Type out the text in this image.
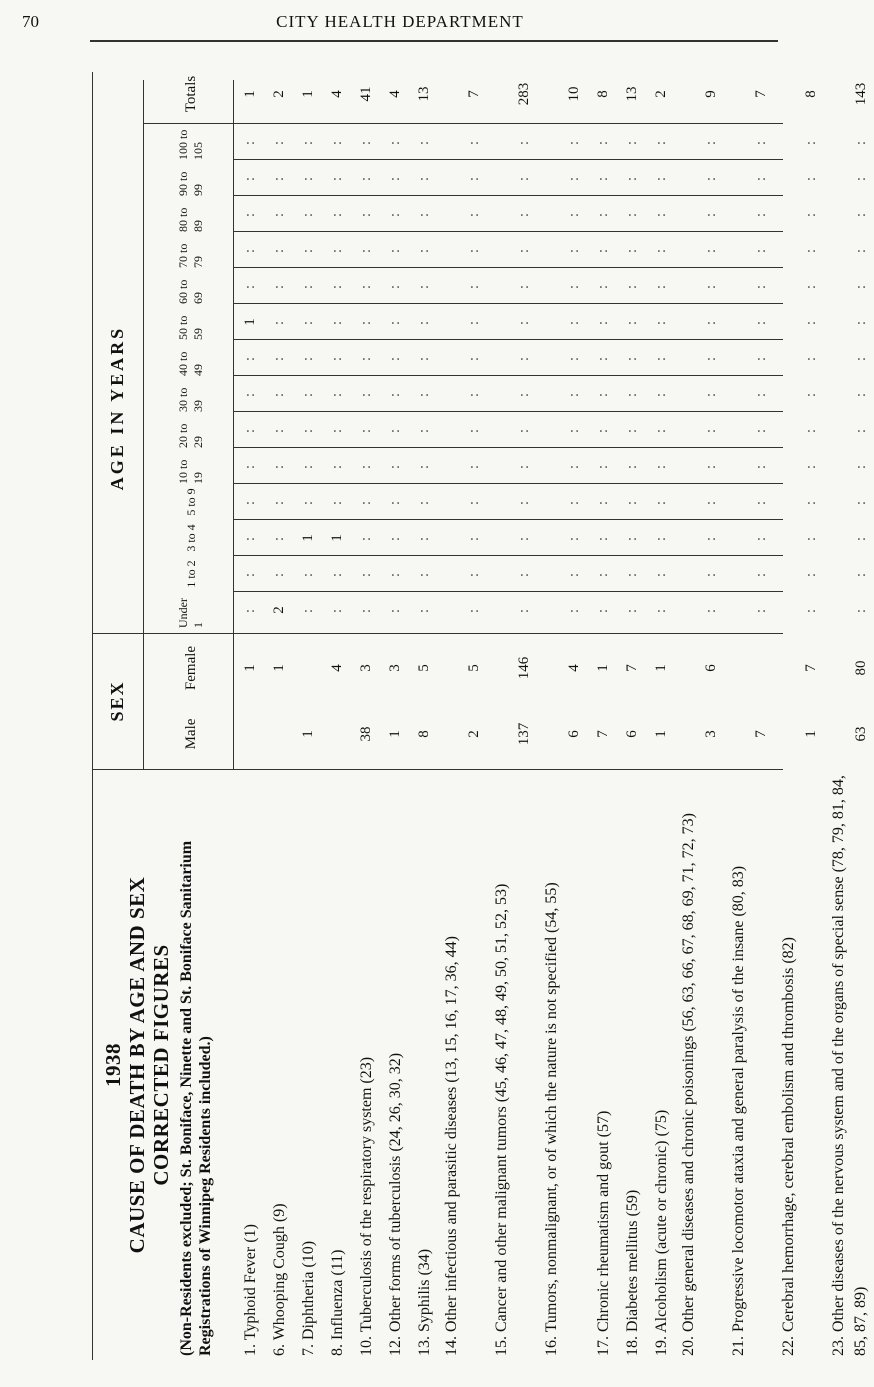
70	CITY HEALTH DEPARTMENT
1938 CAUSE OF DEATH BY AGE AND SEX CORRECTED FIGURES (Non-Residents excluded; St. Boniface, Ninette and St. Boniface Sanitarium Registrations of Winnipeg Residents included.)
SEX
AGE IN YEARS
1. Typhoid Fever (1)
1
:
:
:
:
:
:
:
:
1
:
:
:
:
:
1
6. Whooping Cough (9)
1
2
:
:
:
:
:
:
:
:
:
:
:
:
:
2
7. Diphtheria (10)
1
:
:
1
:
:
:
:
:
:
:
:
:
:
:
1
8. Influenza (11)
4
:
:
1
:
:
:
:
:
:
:
:
:
:
:
4
10. Tuberculosis of the respiratory system (23)
38
3
:
:
:
:
:
:
:
:
:
:
:
:
:
:
41
12. Other forms of tuberculosis (24, 26, 30, 32)
1
3
:
:
:
:
:
:
:
:
:
:
:
:
:
:
4
13. Syphilis (34)
8
5
:
:
:
:
:
:
:
:
:
:
:
:
:
:
13
14. Other infectious and parasitic diseases (13, 15, 16, 17, 36, 44)
2
5
:
:
:
:
:
:
:
:
:
:
:
:
:
:
7
15. Cancer and other malignant tumors (45, 46, 47, 48, 49, 50, 51, 52, 53)
137
146
:
:
:
:
:
:
:
:
:
:
:
:
:
:
283
16. Tumors, nonmalignant, or of which the nature is not specified (54, 55)
6
4
:
:
:
:
:
:
:
:
:
:
:
:
:
:
10
17. Chronic rheumatism and gout (57)
7
1
:
:
:
:
:
:
:
:
:
:
:
:
:
:
8
18. Diabetes mellitus (59)
6
7
:
:
:
:
:
:
:
:
:
:
:
:
:
:
13
19. Alcoholism (acute or chronic) (75)
1
1
:
:
:
:
:
:
:
:
:
:
:
:
:
:
2
20. Other general diseases and chronic poisonings (56, 63, 66, 67, 68, 69, 71, 72, 73)
3
6
:
:
:
:
:
:
:
:
:
:
:
:
:
:
9
21. Progressive locomotor ataxia and general paralysis of the insane (80, 83)
7
:
:
:
:
:
:
:
:
:
:
:
:
:
:
7
22. Cerebral hemorrhage, cerebral embolism and thrombosis (82)
1
7
:
:
:
:
:
:
:
:
:
:
:
:
:
:
8
23. Other diseases of the nervous system and of the organs of special sense (78, 79, 81, 84, 85, 87, 89)
63
80
:
:
:
:
:
:
:
:
:
:
:
:
:
:
143
Male
Female
Under 1
1 to 2
3 to 4
5 to 9
10 to 19
20 to 29
30 to 39
40 to 49
50 to 59
60 to 69
70 to 79
80 to 89
90 to 99
100 to 105
Totals
